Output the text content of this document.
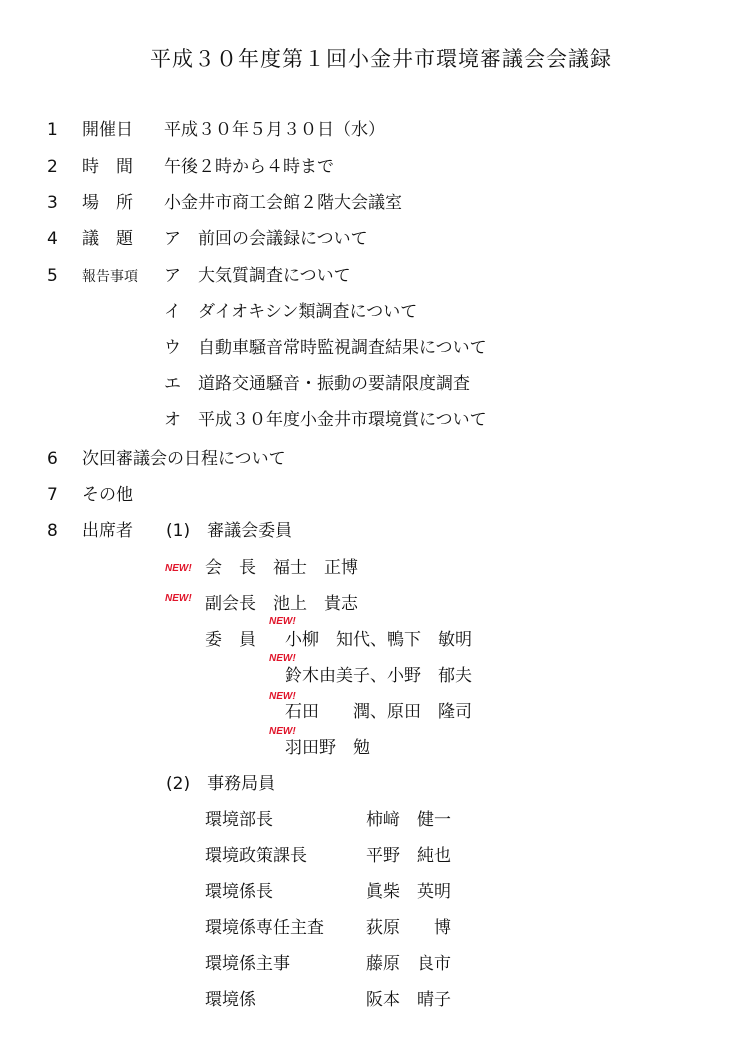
平成３０年度第１回小金井市環境審議会会議録
1 開催日 平成３０年５月３０日（水）
2 時　間 午後２時から４時まで
3 場　所 小金井市商工会館２階大会議室
4 議　題 ア　前回の会議録について
5 報告事項 ア　大気質調査について
イ　ダイオキシン類調査について
ウ　自動車騒音常時監視調査結果について
エ　道路交通騒音・振動の要請限度調査
オ　平成３０年度小金井市環境賞について
6 次回審議会の日程について
7 その他
8 出席者 (1)　審議会委員
NEW! 会　長　福士　正博
NEW! 副会長　池上　貴志
委　員
NEW!
小柳　知代、鴨下　敏明
NEW!
鈴木由美子、小野　郁夫
NEW!
石田　　潤、原田　隆司
NEW!
羽田野　勉
(2)　事務局員
環境部長	柿﨑　健一
環境政策課長	平野　純也
環境係長	眞柴　英明
環境係専任主査 荻原　　博
環境係主事	藤原　良市
環境係	阪本　晴子
